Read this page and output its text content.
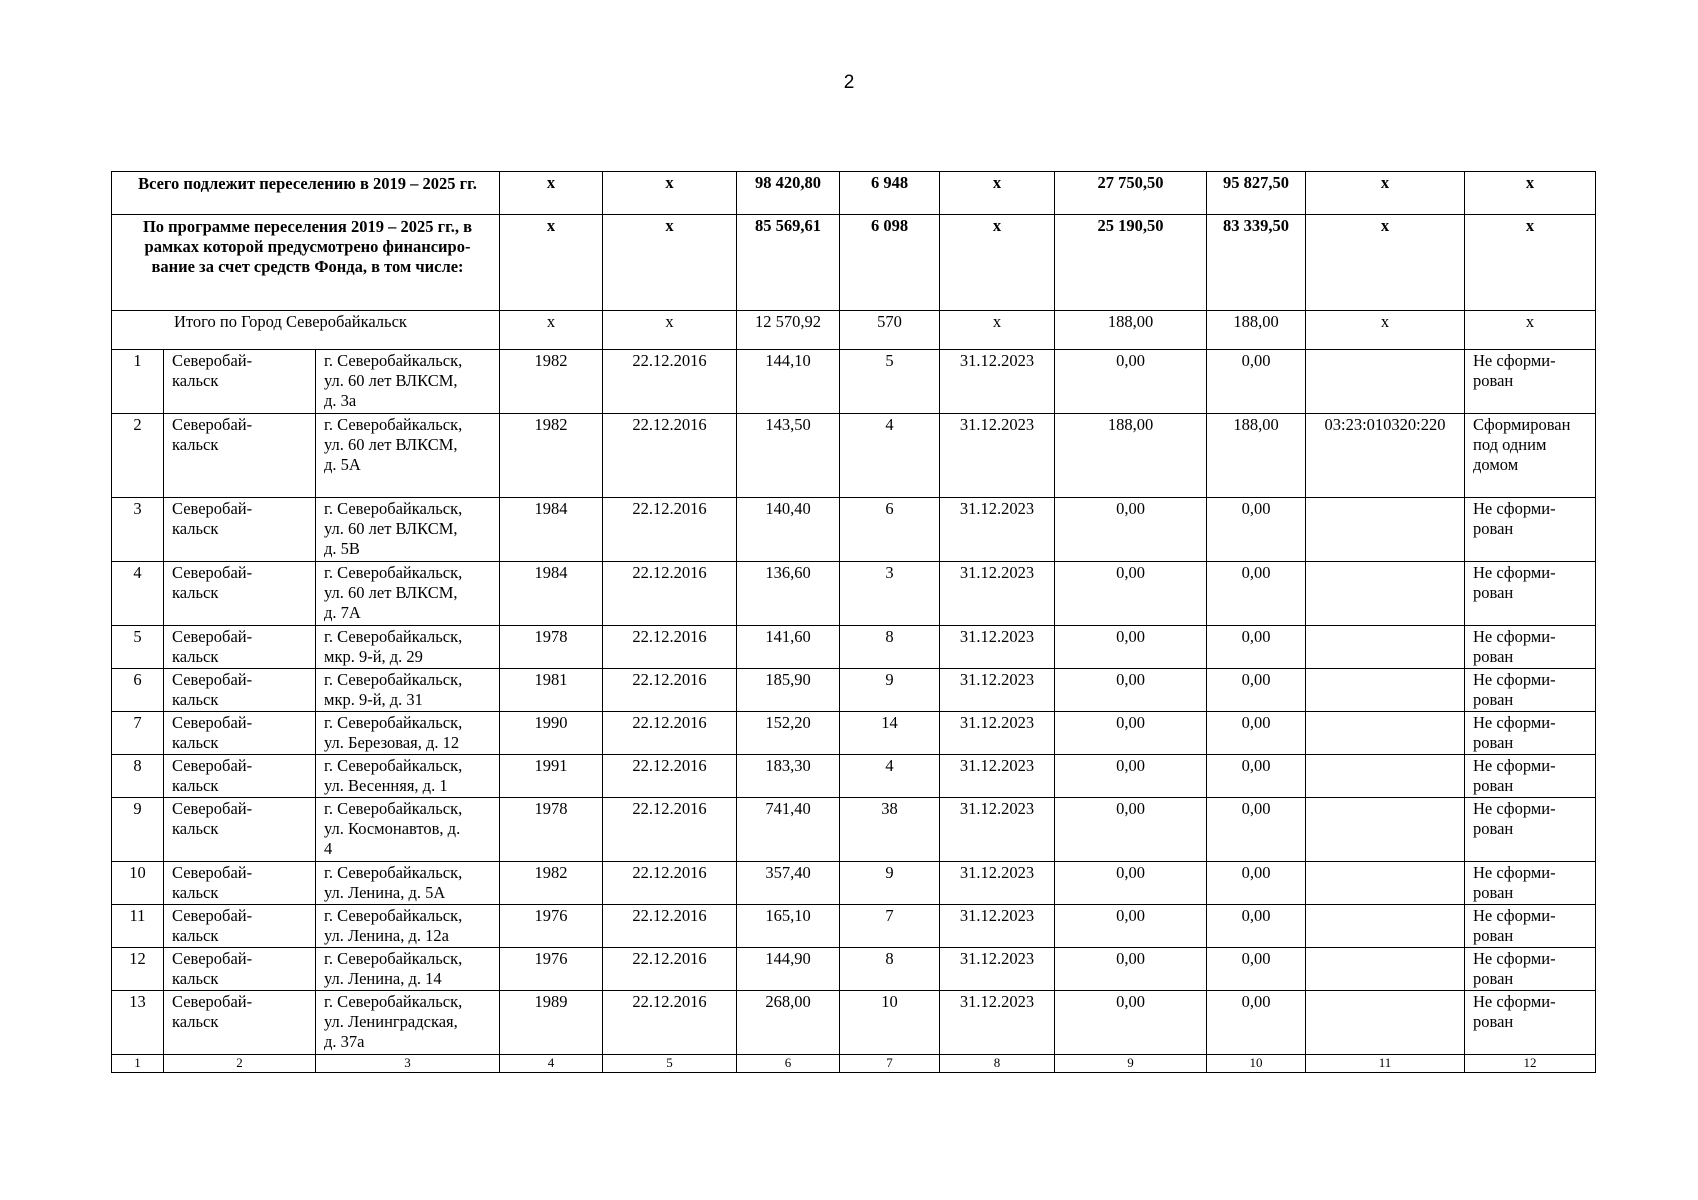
2
Всего подлежит переселению в 2019 – 2025 гг.			x	x	98 420,80	6 948	x	27 750,50	95 827,50	x	x
По программе переселения 2019 – 2025 гг., в рамках которой предусмотрено финансиро-вание за счет средств Фонда, в том числе:			x	x	85 569,61	6 098	x	25 190,50	83 339,50	x	x
Итого по Город Северобайкальск			x	x	12 570,92	570	x	188,00	188,00	x	x
1	Северобай-
кальск	г. Северобайкальск,
ул. 60 лет ВЛКСМ,
д. 3а	1982	22.12.2016	144,10	5	31.12.2023	0,00	0,00		Не сформи-
рован

2	Северобай-
кальск	г. Северобайкальск,
ул. 60 лет ВЛКСМ,
д. 5А	1982	22.12.2016	143,50	4	31.12.2023	188,00	188,00	03:23:010320:220	Сформирован
под одним
домом

3	Северобай-
кальск	г. Северобайкальск,
ул. 60 лет ВЛКСМ,
д. 5В	1984	22.12.2016	140,40	6	31.12.2023	0,00	0,00		Не сформи-
рован

4	Северобай-
кальск	г. Северобайкальск,
ул. 60 лет ВЛКСМ,
д. 7А	1984	22.12.2016	136,60	3	31.12.2023	0,00	0,00		Не сформи-
рован

5	Северобай-
кальск	г. Северобайкальск,
мкр. 9-й, д. 29	1978	22.12.2016	141,60	8	31.12.2023	0,00	0,00		Не сформи-
рован

6	Северобай-
кальск	г. Северобайкальск,
мкр. 9-й, д. 31	1981	22.12.2016	185,90	9	31.12.2023	0,00	0,00		Не сформи-
рован

7	Северобай-
кальск	г. Северобайкальск,
ул. Березовая, д. 12	1990	22.12.2016	152,20	14	31.12.2023	0,00	0,00		Не сформи-
рован

8	Северобай-
кальск	г. Северобайкальск,
ул. Весенняя, д. 1	1991	22.12.2016	183,30	4	31.12.2023	0,00	0,00		Не сформи-
рован

9	Северобай-
кальск	г. Северобайкальск,
ул. Космонавтов, д.
4	1978	22.12.2016	741,40	38	31.12.2023	0,00	0,00		Не сформи-
рован

10	Северобай-
кальск	г. Северобайкальск,
ул. Ленина, д. 5А	1982	22.12.2016	357,40	9	31.12.2023	0,00	0,00		Не сформи-
рован

11	Северобай-
кальск	г. Северобайкальск,
ул. Ленина, д. 12а	1976	22.12.2016	165,10	7	31.12.2023	0,00	0,00		Не сформи-
рован

12	Северобай-
кальск	г. Северобайкальск,
ул. Ленина, д. 14	1976	22.12.2016	144,90	8	31.12.2023	0,00	0,00		Не сформи-
рован

13	Северобай-
кальск	г. Северобайкальск,
ул. Ленинградская,
д. 37а	1989	22.12.2016	268,00	10	31.12.2023	0,00	0,00		Не сформи-
рован

1	2	3	4	5	6	7	8	9	10	11	12
